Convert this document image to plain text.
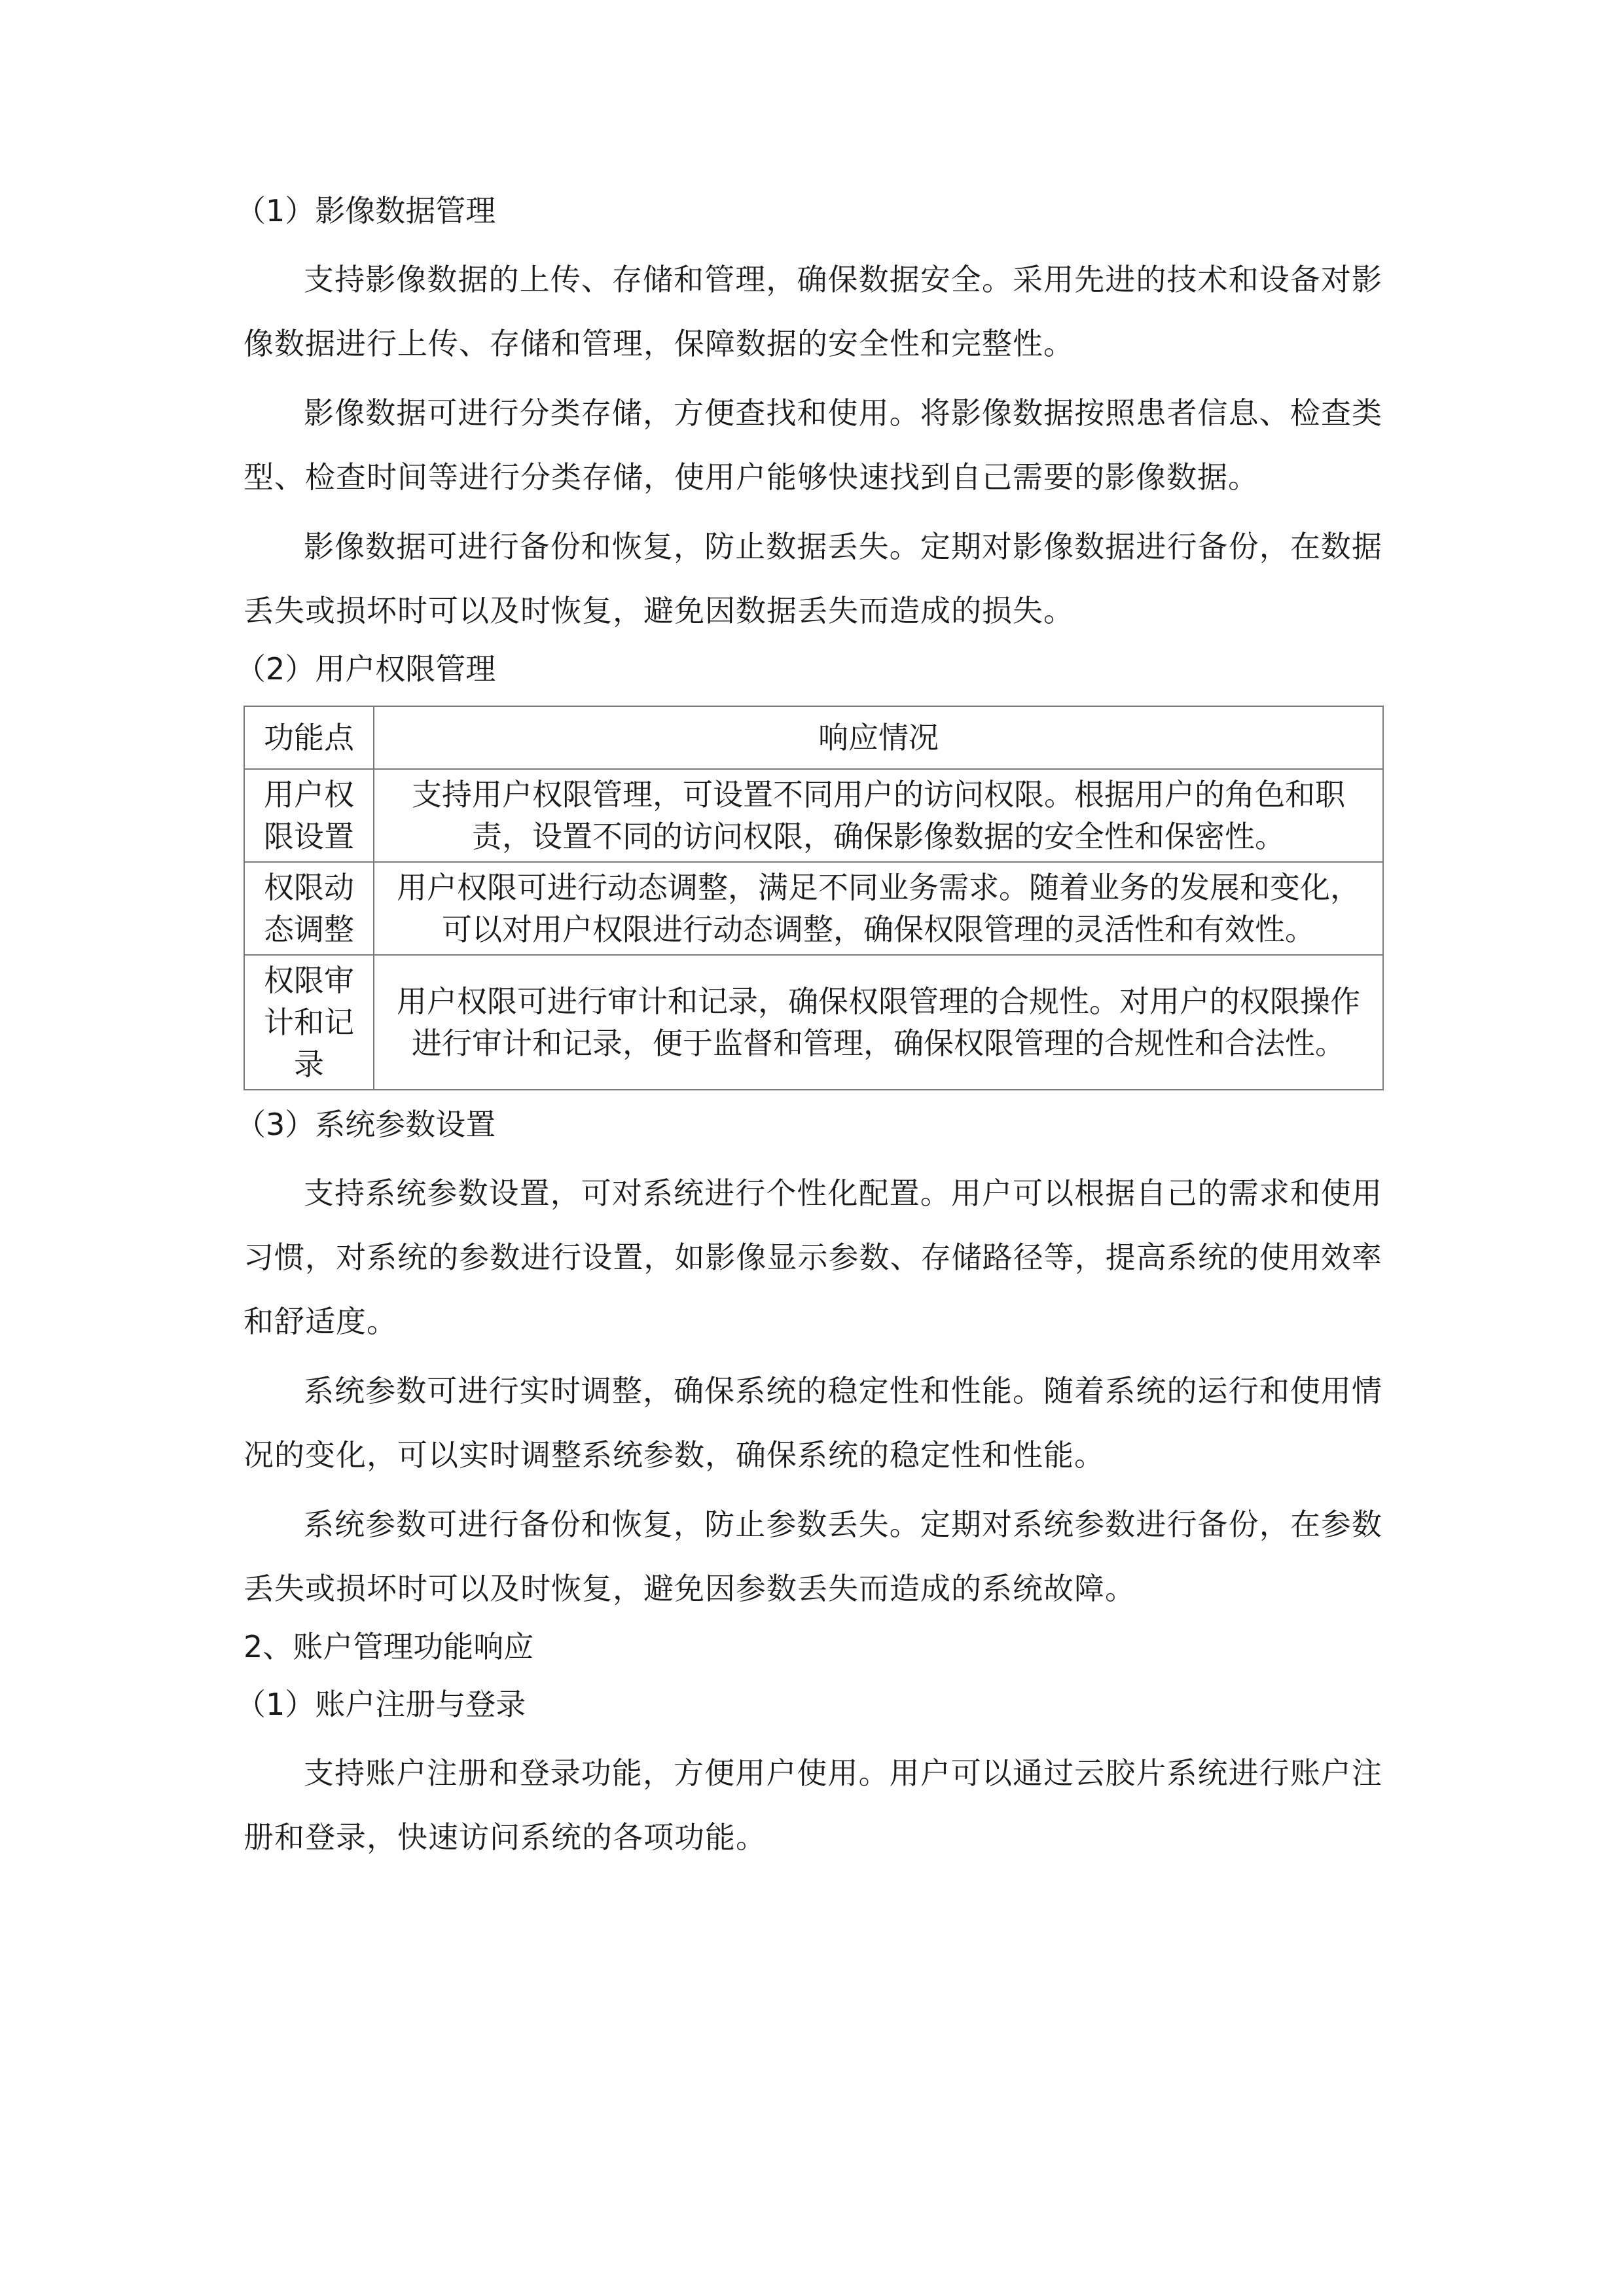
（1）影像数据管理

支持影像数据的上传、存储和管理，确保数据安全。采用先进的技术和设备对影像数据进行上传、存储和管理，保障数据的安全性和完整性。

影像数据可进行分类存储，方便查找和使用。将影像数据按照患者信息、检查类型、检查时间等进行分类存储，使用户能够快速找到自己需要的影像数据。

影像数据可进行备份和恢复，防止数据丢失。定期对影像数据进行备份，在数据丢失或损坏时可以及时恢复，避免因数据丢失而造成的损失。

（2）用户权限管理
功能点	响应情况
用户权限设置	支持用户权限管理，可设置不同用户的访问权限。根据用户的角色和职责，设置不同的访问权限，确保影像数据的安全性和保密性。
权限动态调整	用户权限可进行动态调整，满足不同业务需求。随着业务的发展和变化，可以对用户权限进行动态调整，确保权限管理的灵活性和有效性。
权限审计和记录	用户权限可进行审计和记录，确保权限管理的合规性。对用户的权限操作进行审计和记录，便于监督和管理，确保权限管理的合规性和合法性。
（3）系统参数设置

支持系统参数设置，可对系统进行个性化配置。用户可以根据自己的需求和使用习惯，对系统的参数进行设置，如影像显示参数、存储路径等，提高系统的使用效率和舒适度。

系统参数可进行实时调整，确保系统的稳定性和性能。随着系统的运行和使用情况的变化，可以实时调整系统参数，确保系统的稳定性和性能。

系统参数可进行备份和恢复，防止参数丢失。定期对系统参数进行备份，在参数丢失或损坏时可以及时恢复，避免因参数丢失而造成的系统故障。

2、账户管理功能响应
（1）账户注册与登录

支持账户注册和登录功能，方便用户使用。用户可以通过云胶片系统进行账户注册和登录，快速访问系统的各项功能。
